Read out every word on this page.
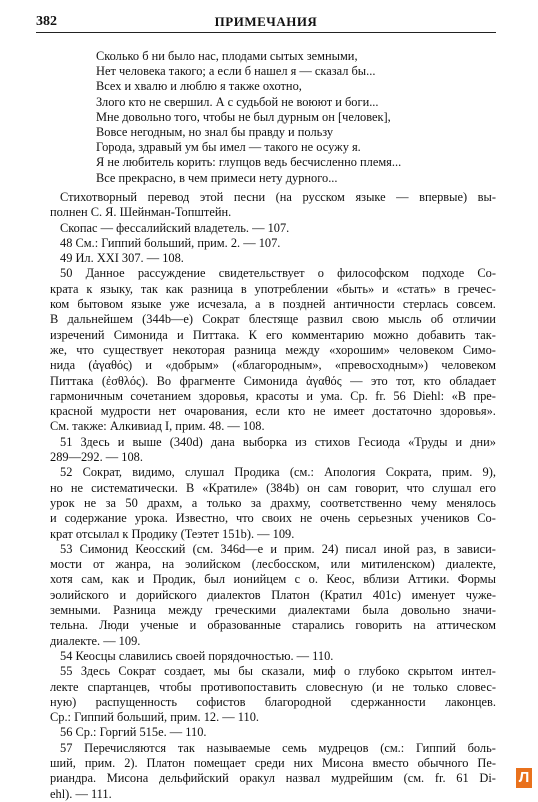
382	ПРИМЕЧАНИЯ
Сколько б ни было нас, плодами сытых земными,
Нет человека такого; а если б нашел я — сказал бы...
Всех и хвалю и люблю я также охотно,
Злого кто не свершил. А с судьбой не воюют и боги...
Мне довольно того, чтобы не был дурным он [человек],
Вовсе негодным, но знал бы правду и пользу
Города, здравый ум бы имел — такого не осужу я.
Я не любитель корить: глупцов ведь бесчисленно племя...
Все прекрасно, в чем примеси нету дурного...
Стихотворный перевод этой песни (на русском языке — впервые) вы-
полнен С. Я. Шейнман-Топштейн.
Скопас — фессалийский владетель. — 107.
48 См.: Гиппий больший, прим. 2. — 107.
49 Ил. XXI 307. — 108.
50 Данное рассуждение свидетельствует о философском подходе Со-
крата к языку, так как разница в употреблении «быть» и «стать» в гречес-
ком бытовом языке уже исчезала, а в поздней античности стерлась совсем.
В дальнейшем (344b—e) Сократ блестяще развил свою мысль об отличии
изречений Симонида и Питтака. К его комментарию можно добавить так-
же, что существует некоторая разница между «хорошим» человеком Симо-
нида (ἀγαθός) и «добрым» («благородным», «превосходным») человеком
Питтака (ἐσθλός). Во фрагменте Симонида ἀγαθός — это тот, кто обладает
гармоничным сочетанием здоровья, красоты и ума. Ср. fr. 56 Diehl: «В пре-
красной мудрости нет очарования, если кто не имеет достаточно здоровья».
См. также: Алкивиад I, прим. 48. — 108.
51 Здесь и выше (340d) дана выборка из стихов Гесиода «Труды и дни»
289—292. — 108.
52 Сократ, видимо, слушал Продика (см.: Апология Сократа, прим. 9),
но не систематически. В «Кратиле» (384b) он сам говорит, что слушал его
урок не за 50 драхм, а только за драхму, соответственно чему менялось
и содержание урока. Известно, что своих не очень серьезных учеников Со-
крат отсылал к Продику (Теэтет 151b). — 109.
53 Симонид Кеосский (см. 346d—e и прим. 24) писал иной раз, в зависи-
мости от жанра, на эолийском (лесбосском, или митиленском) диалекте,
хотя сам, как и Продик, был ионийцем с о. Кеос, вблизи Аттики. Формы
эолийского и дорийского диалектов Платон (Кратил 401c) именует чуже-
земными. Разница между греческими диалектами была довольно значи-
тельна. Люди ученые и образованные старались говорить на аттическом
диалекте. — 109.
54 Кеосцы славились своей порядочностью. — 110.
55 Здесь Сократ создает, мы бы сказали, миф о глубоко скрытом интел-
лекте спартанцев, чтобы противопоставить словесную (и не только словес-
ную) распущенность софистов благородной сдержанности лаконцев.
Ср.: Гиппий больший, прим. 12. — 110.
56 Ср.: Горгий 515e. — 110.
57 Перечисляются так называемые семь мудрецов (см.: Гиппий боль-
ший, прим. 2). Платон помещает среди них Мисона вместо обычного Пе-
риандра. Мисона дельфийский оракул назвал мудрейшим (см. fr. 61 Di-
ehl). — 111.
Л
